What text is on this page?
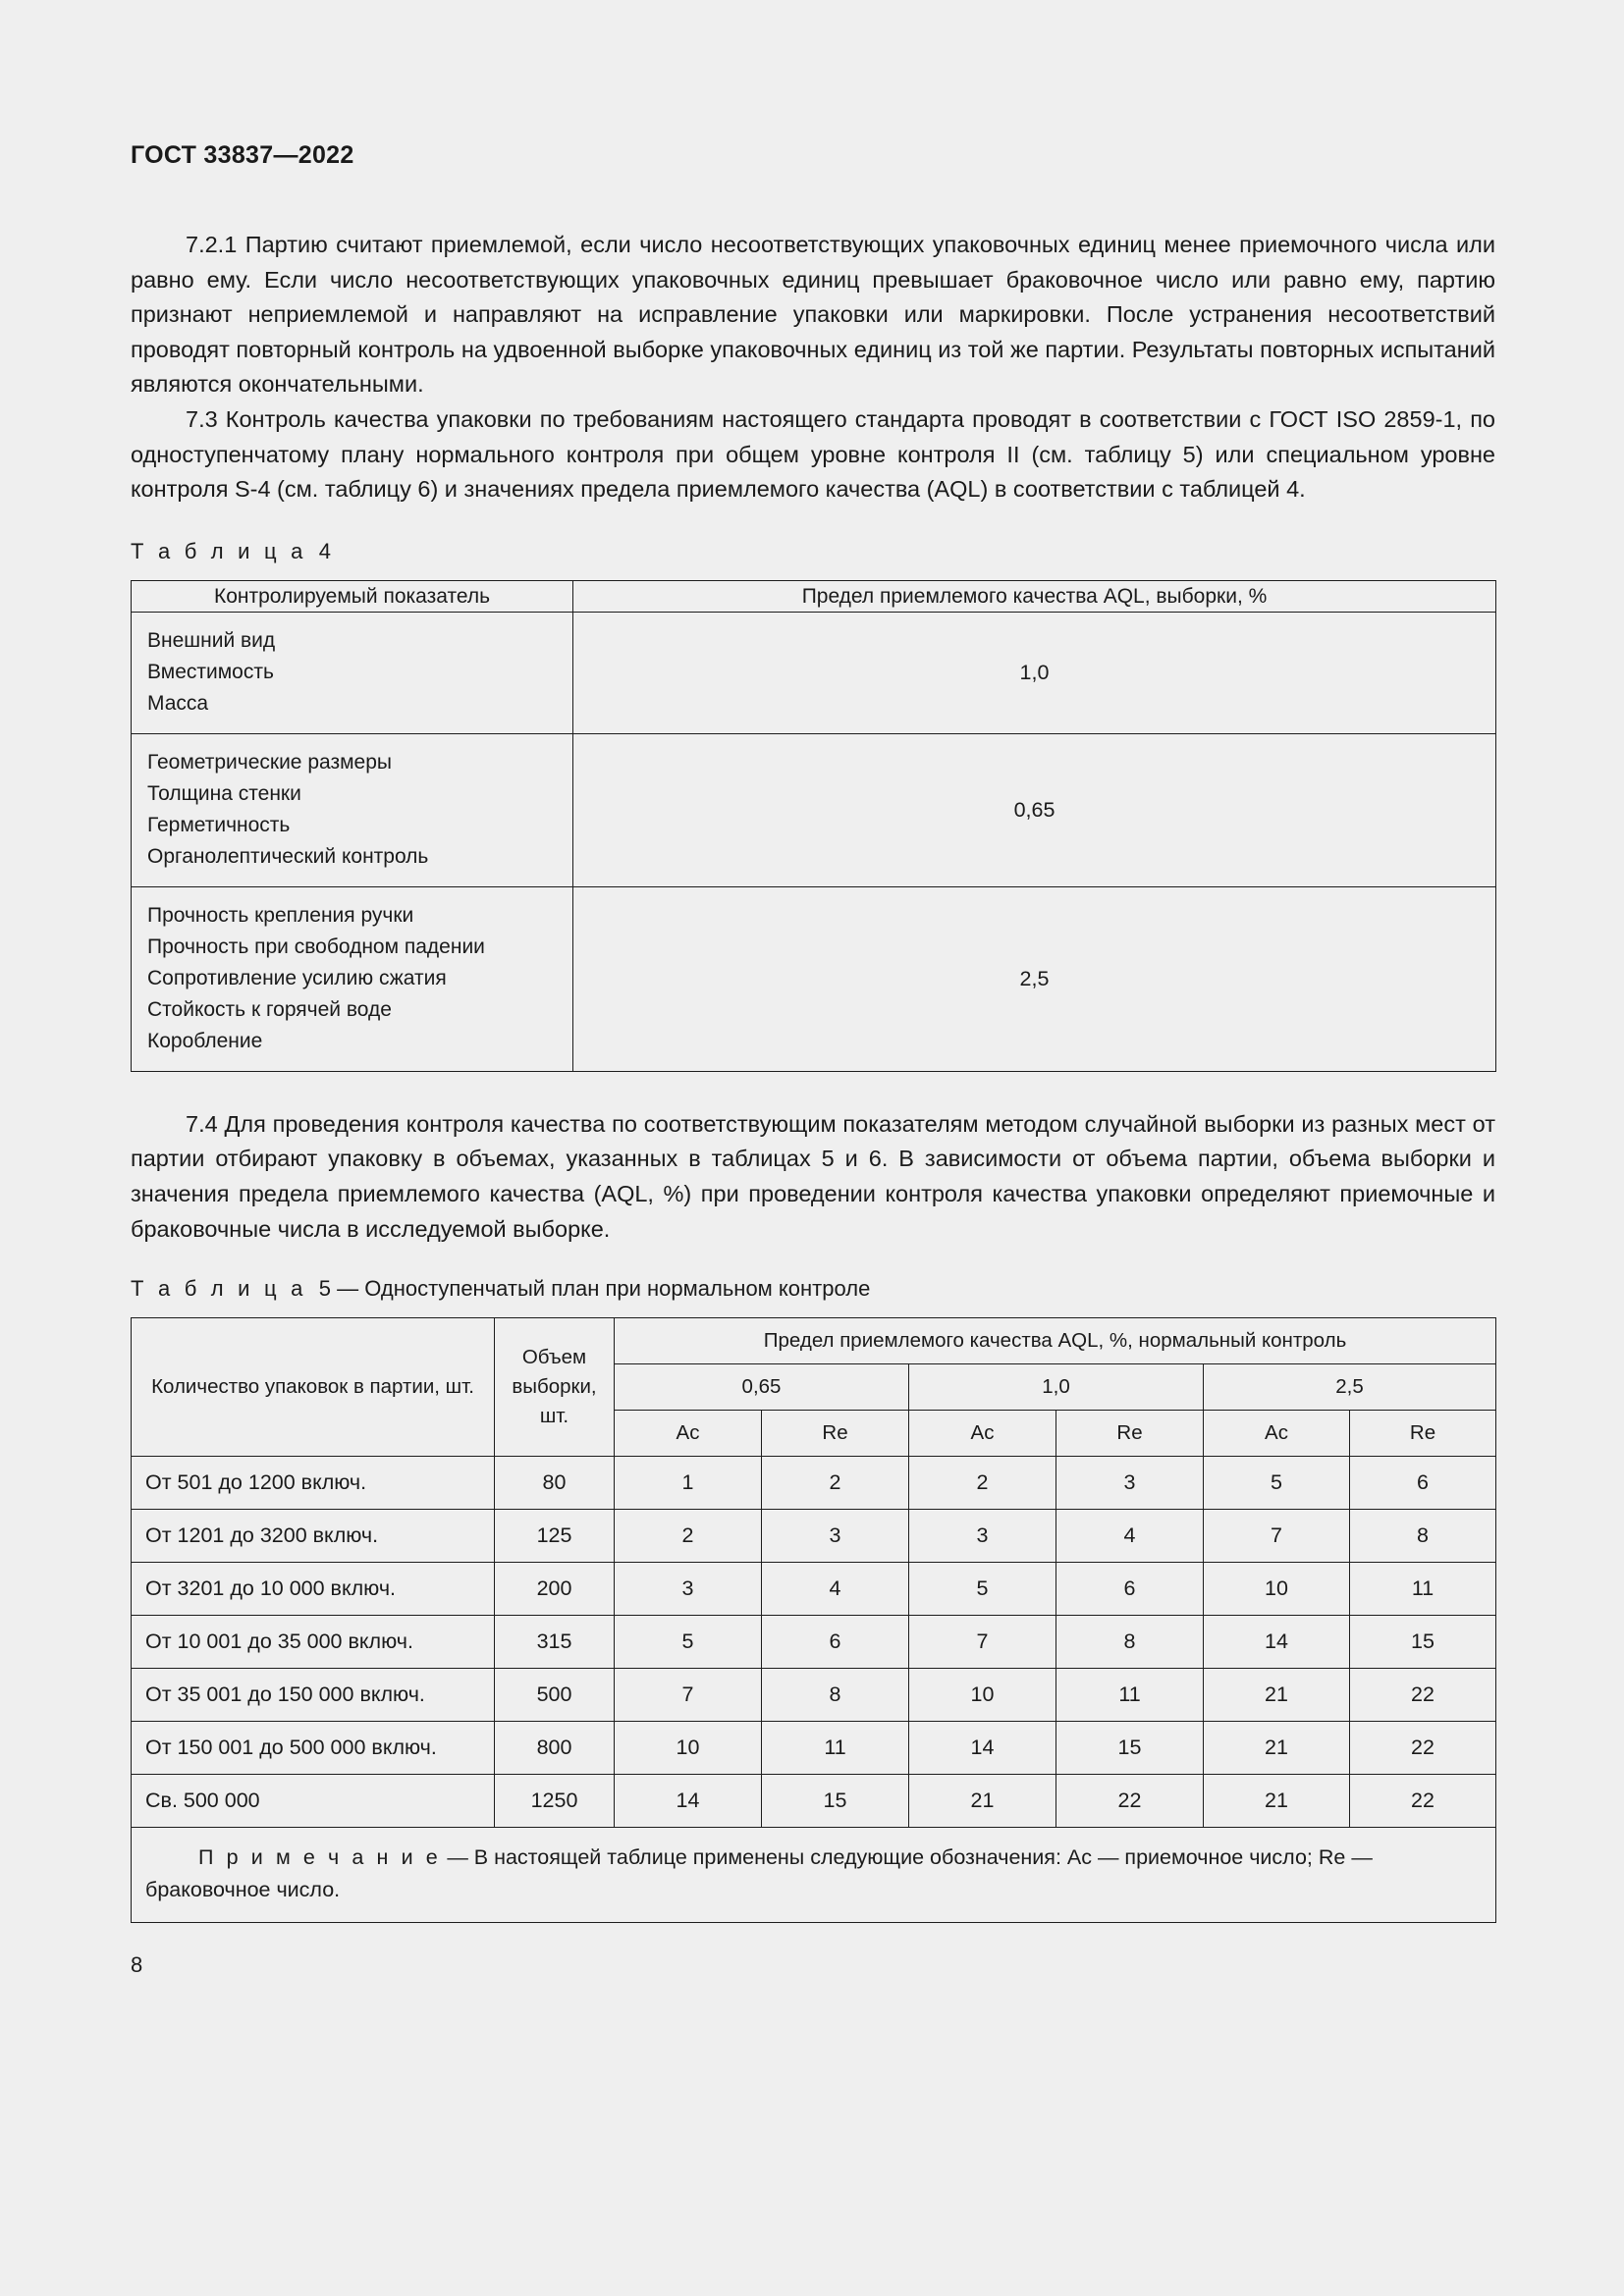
ГОСТ 33837—2022

7.2.1 Партию считают приемлемой, если число несоответствующих упаковочных единиц менее приемочного числа или равно ему. Если число несоответствующих упаковочных единиц превышает браковочное число или равно ему, партию признают неприемлемой и направляют на исправление упаковки или маркировки. После устранения несоответствий проводят повторный контроль на удвоенной выборке упаковочных единиц из той же партии. Результаты повторных испытаний являются окончательными.

7.3 Контроль качества упаковки по требованиям настоящего стандарта проводят в соответствии с ГОСТ ISO 2859-1, по одноступенчатому плану нормального контроля при общем уровне контроля II (см. таблицу 5) или специальном уровне контроля S-4 (см. таблицу 6) и значениях предела приемлемого качества (AQL) в соответствии с таблицей 4.

Т а б л и ц а 4
Контролируемый показатель	Предел приемлемого качества AQL, выборки, %

Внешний вид
Вместимость
Масса	1,0

Геометрические размеры
Толщина стенки
Герметичность
Органолептический контроль	0,65

Прочность крепления ручки
Прочность при свободном падении
Сопротивление усилию сжатия
Стойкость к горячей воде
Коробление	2,5

7.4 Для проведения контроля качества по соответствующим показателям методом случайной выборки из разных мест от партии отбирают упаковку в объемах, указанных в таблицах 5 и 6. В зависимости от объема партии, объема выборки и значения предела приемлемого качества (AQL, %) при проведении контроля качества упаковки определяют приемочные и браковочные числа в исследуемой выборке.

Т а б л и ц а 5 — Одноступенчатый план при нормальном контроле
Количество упаковок в партии, шт.	Объем выборки, шт.	Предел приемлемого качества AQL, %, нормальный контроль					
		0,65		1,0		2,5	
		Ac	Re	Ac	Re	Ac	Re
От 501 до 1200 включ.	80	1	2	2	3	5	6
От 1201 до 3200 включ.	125	2	3	3	4	7	8
От 3201 до 10 000 включ.	200	3	4	5	6	10	11
От 10 001 до 35 000 включ.	315	5	6	7	8	14	15
От 35 001 до 150 000 включ.	500	7	8	10	11	21	22
От 150 001 до 500 000 включ.	800	10	11	14	15	21	22
Св. 500 000	1250	14	15	21	22	21	22
П р и м е ч а н и е — В настоящей таблице применены следующие обозначения: Ac — приемочное число; Re — браковочное число.							
8
